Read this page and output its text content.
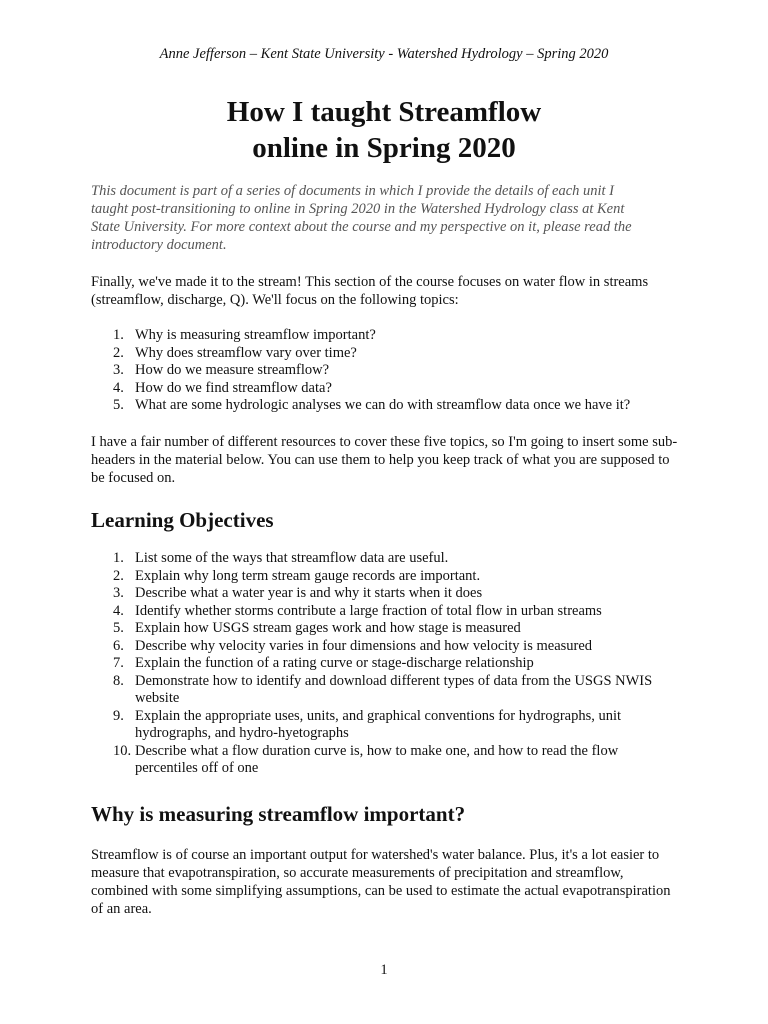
Anne Jefferson – Kent State University - Watershed Hydrology – Spring 2020
How I taught Streamflow
online in Spring 2020

This document is part of a series of documents in which I provide the details of each unit I taught post-transitioning to online in Spring 2020 in the Watershed Hydrology class at Kent State University. For more context about the course and my perspective on it, please read the introductory document.

Finally, we've made it to the stream! This section of the course focuses on water flow in streams (streamflow, discharge, Q). We'll focus on the following topics:

1. Why is measuring streamflow important?
2. Why does streamflow vary over time?
3. How do we measure streamflow?
4. How do we find streamflow data?
5. What are some hydrologic analyses we can do with streamflow data once we have it?

I have a fair number of different resources to cover these five topics, so I'm going to insert some sub-headers in the material below. You can use them to help you keep track of what you are supposed to be focused on.

Learning Objectives
1. List some of the ways that streamflow data are useful.
2. Explain why long term stream gauge records are important.
3. Describe what a water year is and why it starts when it does
4. Identify whether storms contribute a large fraction of total flow in urban streams
5. Explain how USGS stream gages work and how stage is measured
6. Describe why velocity varies in four dimensions and how velocity is measured
7. Explain the function of a rating curve or stage-discharge relationship
8. Demonstrate how to identify and download different types of data from the USGS NWIS website
9. Explain the appropriate uses, units, and graphical conventions for hydrographs, unit hydrographs, and hydro-hyetographs
10. Describe what a flow duration curve is, how to make one, and how to read the flow percentiles off of one
Why is measuring streamflow important?

Streamflow is of course an important output for watershed's water balance. Plus, it's a lot easier to measure that evapotranspiration, so accurate measurements of precipitation and streamflow, combined with some simplifying assumptions, can be used to estimate the actual evapotranspiration of an area.

1
